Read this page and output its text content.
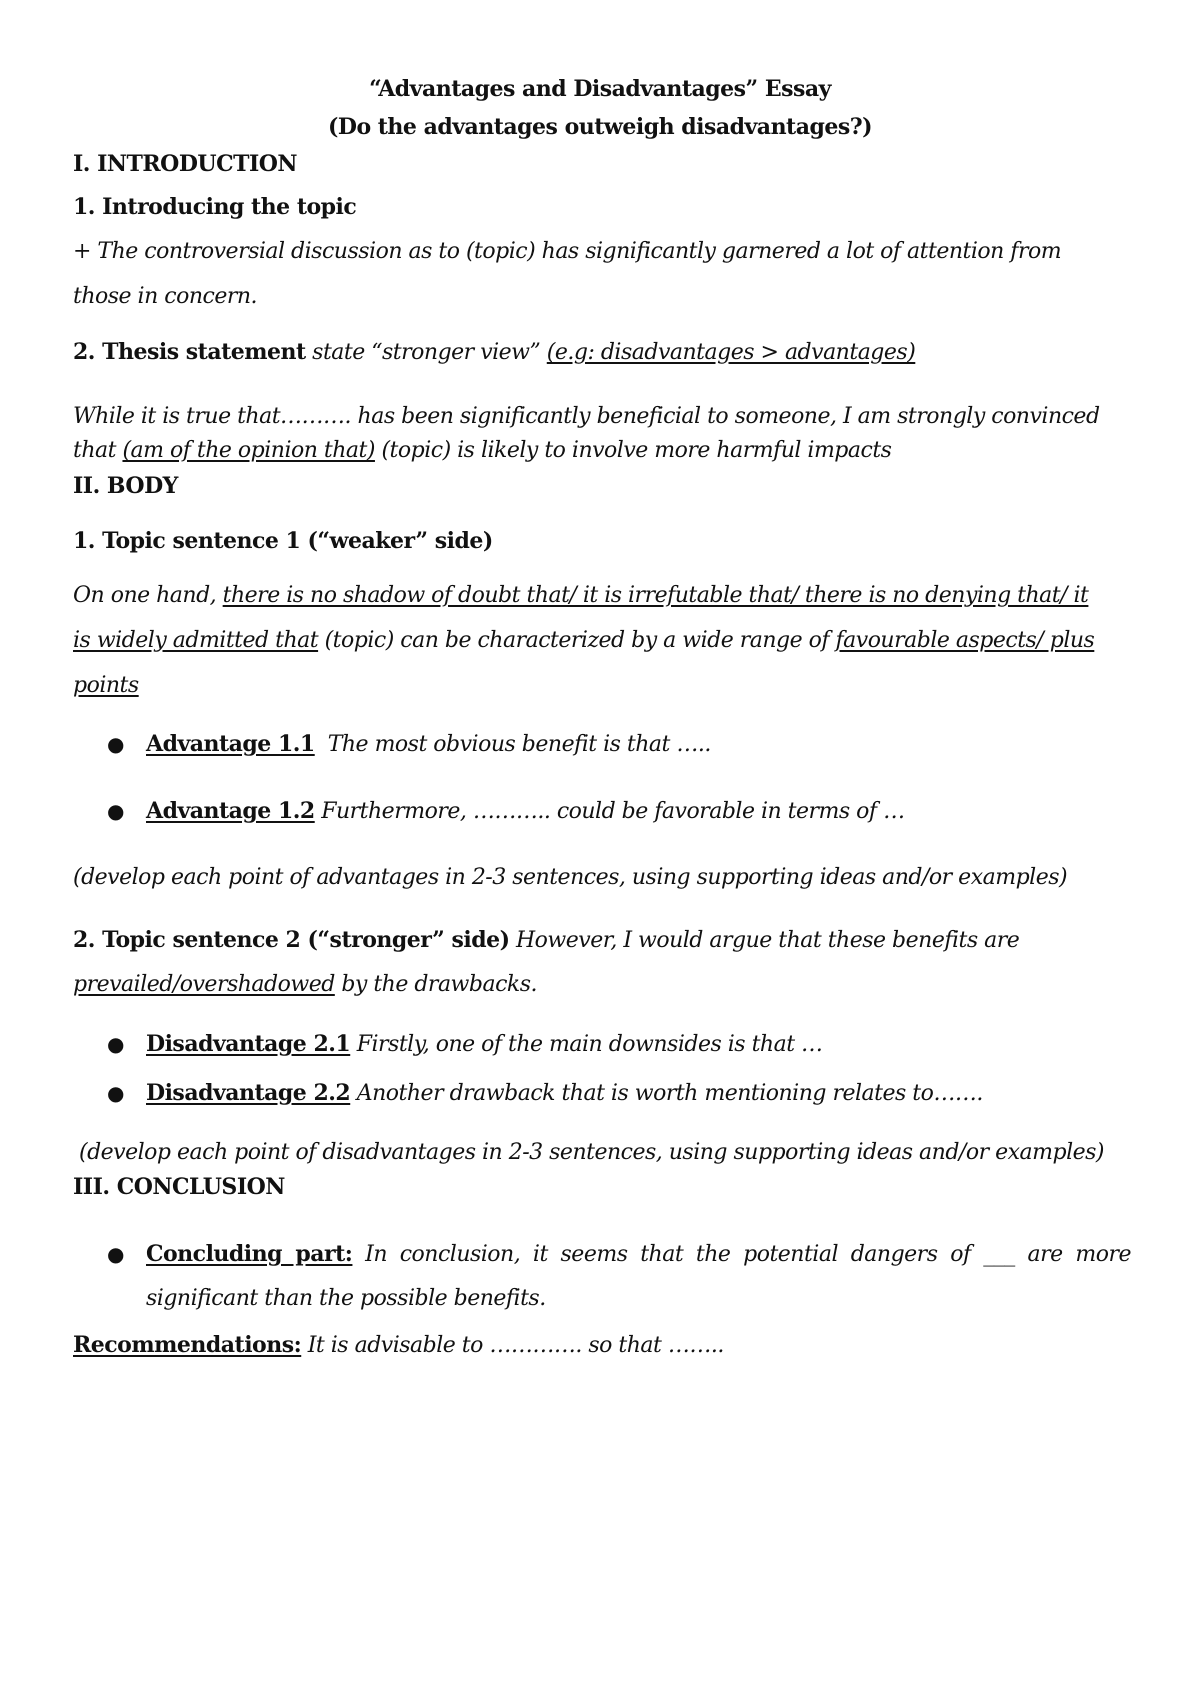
“Advantages and Disadvantages” Essay
(Do the advantages outweigh disadvantages?)
I. INTRODUCTION
1. Introducing the topic
+ The controversial discussion as to (topic) has significantly garnered a lot of attention from
those in concern.
2. Thesis statement state “stronger view” (e.g: disadvantages > advantages)
While it is true that………. has been significantly beneficial to someone, I am strongly convinced
that (am of the opinion that) (topic) is likely to involve more harmful impacts
II. BODY
1. Topic sentence 1 (“weaker” side)
On one hand, there is no shadow of doubt that/ it is irrefutable that/ there is no denying that/ it
is widely admitted that (topic) can be characterized by a wide range of favourable aspects/ plus
points
● Advantage 1.1 The most obvious benefit is that …..
● Advantage 1.2 Furthermore, ……….. could be favorable in terms of …
(develop each point of advantages in 2-3 sentences, using supporting ideas and/or examples)
2. Topic sentence 2 (“stronger” side) However, I would argue that these benefits are
prevailed/overshadowed by the drawbacks.
● Disadvantage 2.1 Firstly, one of the main downsides is that …
● Disadvantage 2.2 Another drawback that is worth mentioning relates to…….
(develop each point of disadvantages in 2-3 sentences, using supporting ideas and/or examples)
III. CONCLUSION
● Concluding part: In conclusion, it seems that the potential dangers of ___ are more
significant than the possible benefits.
Recommendations: It is advisable to …………. so that ……..
